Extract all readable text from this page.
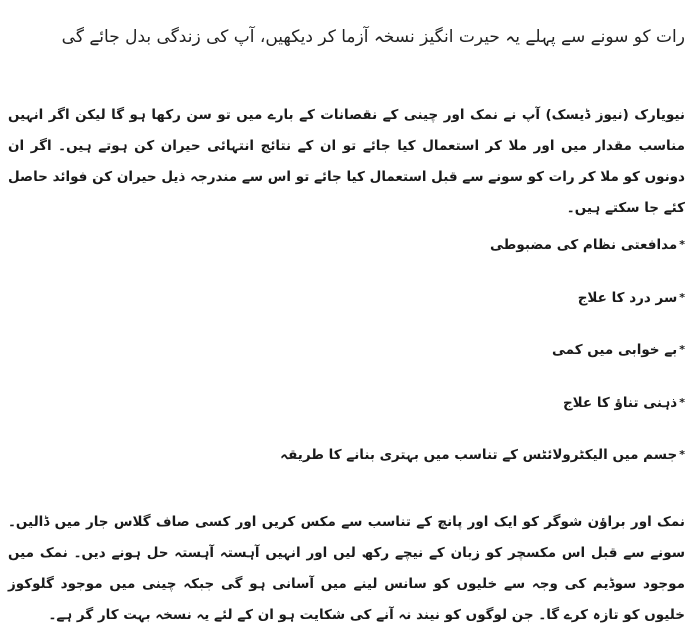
رات کو سونے سے پہلے یہ حیرت انگیز نسخہ آزما کر دیکھیں، آپ کی زندگی بدل جائے گی

نیویارک (نیوز ڈیسک) آپ نے نمک اور چینی کے نقصانات کے بارے میں تو سن رکھا ہو گا لیکن اگر انہیں مناسب مقدار میں اور ملا کر استعمال کیا جائے تو ان کے نتائج انتہائی حیران کن ہوتے ہیں۔ اگر ان دونوں کو ملا کر رات کو سونے سے قبل استعمال کیا جائے تو اس سے مندرجہ ذیل حیران کن فوائد حاصل کئے جا سکتے ہیں۔

*مدافعتی نظام کی مضبوطی
*سر درد کا علاج
*بے خوابی میں کمی
*ذہنی تناؤ کا علاج
*جسم میں الیکٹرولائٹس کے تناسب میں بہتری بنانے کا طریقہ

نمک اور براؤن شوگر کو ایک اور پانچ کے تناسب سے مکس کریں اور کسی صاف گلاس جار میں ڈالیں۔ سونے سے قبل اس مکسچر کو زبان کے نیچے رکھ لیں اور انہیں آہستہ آہستہ حل ہونے دیں۔ نمک میں موجود سوڈیم کی وجہ سے خلیوں کو سانس لینے میں آسانی ہو گی جبکہ چینی میں موجود گلوکوز خلیوں کو تازہ کرے گا۔ جن لوگوں کو نیند نہ آنے کی شکایت ہو ان کے لئے یہ نسخہ بہت کار گر ہے۔
